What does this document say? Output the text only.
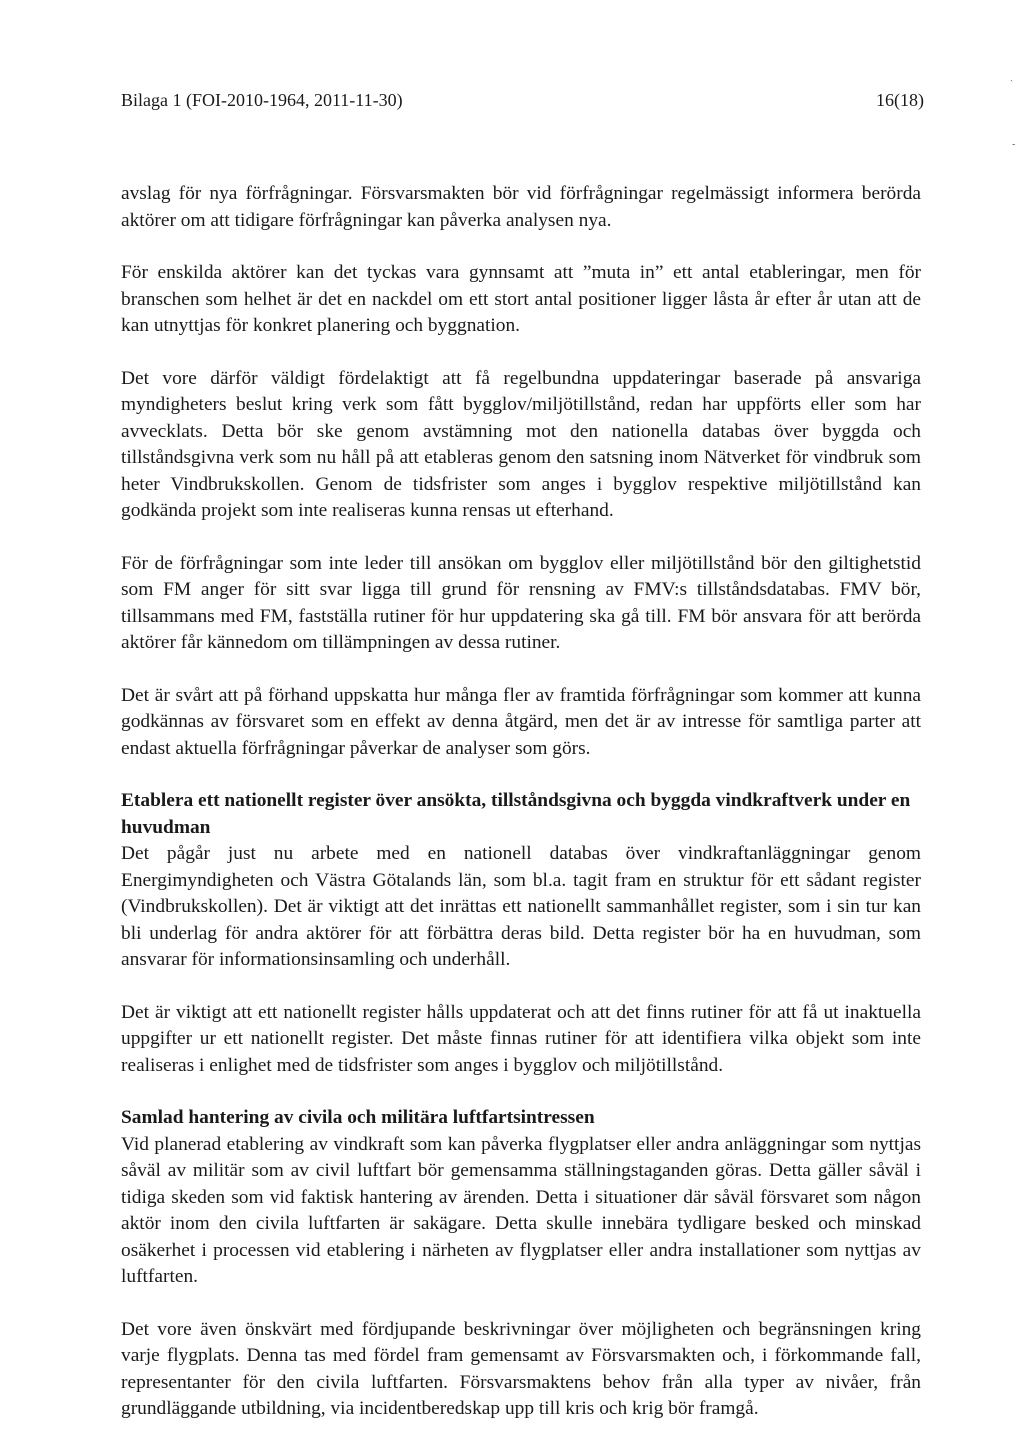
ˎ
-
Bilaga 1 (FOI-2010-1964, 2011-11-30)	16(18)

avslag för nya förfrågningar. Försvarsmakten bör vid förfrågningar regelmässigt informera berörda aktörer om att tidigare förfrågningar kan påverka analysen nya.

För enskilda aktörer kan det tyckas vara gynnsamt att ”muta in” ett antal etableringar, men för branschen som helhet är det en nackdel om ett stort antal positioner ligger låsta år efter år utan att de kan utnyttjas för konkret planering och byggnation.

Det vore därför väldigt fördelaktigt att få regelbundna uppdateringar baserade på ansvariga myndigheters beslut kring verk som fått bygglov/miljötillstånd, redan har uppförts eller som har avvecklats. Detta bör ske genom avstämning mot den nationella databas över byggda och tillståndsgivna verk som nu håll på att etableras genom den satsning inom Nätverket för vindbruk som heter Vindbrukskollen. Genom de tidsfrister som anges i bygglov respektive miljötillstånd kan godkända projekt som inte realiseras kunna rensas ut efterhand.

För de förfrågningar som inte leder till ansökan om bygglov eller miljötillstånd bör den giltighetstid som FM anger för sitt svar ligga till grund för rensning av FMV:s tillståndsdatabas. FMV bör, tillsammans med FM, fastställa rutiner för hur uppdatering ska gå till. FM bör ansvara för att berörda aktörer får kännedom om tillämpningen av dessa rutiner.

Det är svårt att på förhand uppskatta hur många fler av framtida förfrågningar som kommer att kunna godkännas av försvaret som en effekt av denna åtgärd, men det är av intresse för samtliga parter att endast aktuella förfrågningar påverkar de analyser som görs.

Etablera ett nationellt register över ansökta, tillståndsgivna och byggda vindkraftverk under en huvudman

Det pågår just nu arbete med en nationell databas över vindkraftanläggningar genom Energimyndigheten och Västra Götalands län, som bl.a. tagit fram en struktur för ett sådant register (Vindbrukskollen). Det är viktigt att det inrättas ett nationellt sammanhållet register, som i sin tur kan bli underlag för andra aktörer för att förbättra deras bild. Detta register bör ha en huvudman, som ansvarar för informationsinsamling och underhåll.

Det är viktigt att ett nationellt register hålls uppdaterat och att det finns rutiner för att få ut inaktuella uppgifter ur ett nationellt register. Det måste finnas rutiner för att identifiera vilka objekt som inte realiseras i enlighet med de tidsfrister som anges i bygglov och miljötillstånd.

Samlad hantering av civila och militära luftfartsintressen

Vid planerad etablering av vindkraft som kan påverka flygplatser eller andra anläggningar som nyttjas såväl av militär som av civil luftfart bör gemensamma ställningstaganden göras. Detta gäller såväl i tidiga skeden som vid faktisk hantering av ärenden. Detta i situationer där såväl försvaret som någon aktör inom den civila luftfarten är sakägare. Detta skulle innebära tydligare besked och minskad osäkerhet i processen vid etablering i närheten av flygplatser eller andra installationer som nyttjas av luftfarten.

Det vore även önskvärt med fördjupande beskrivningar över möjligheten och begränsningen kring varje flygplats. Denna tas med fördel fram gemensamt av Försvarsmakten och, i förkommande fall, representanter för den civila luftfarten. Försvarsmaktens behov från alla typer av nivåer, från grundläggande utbildning, via incidentberedskap upp till kris och krig bör framgå.
